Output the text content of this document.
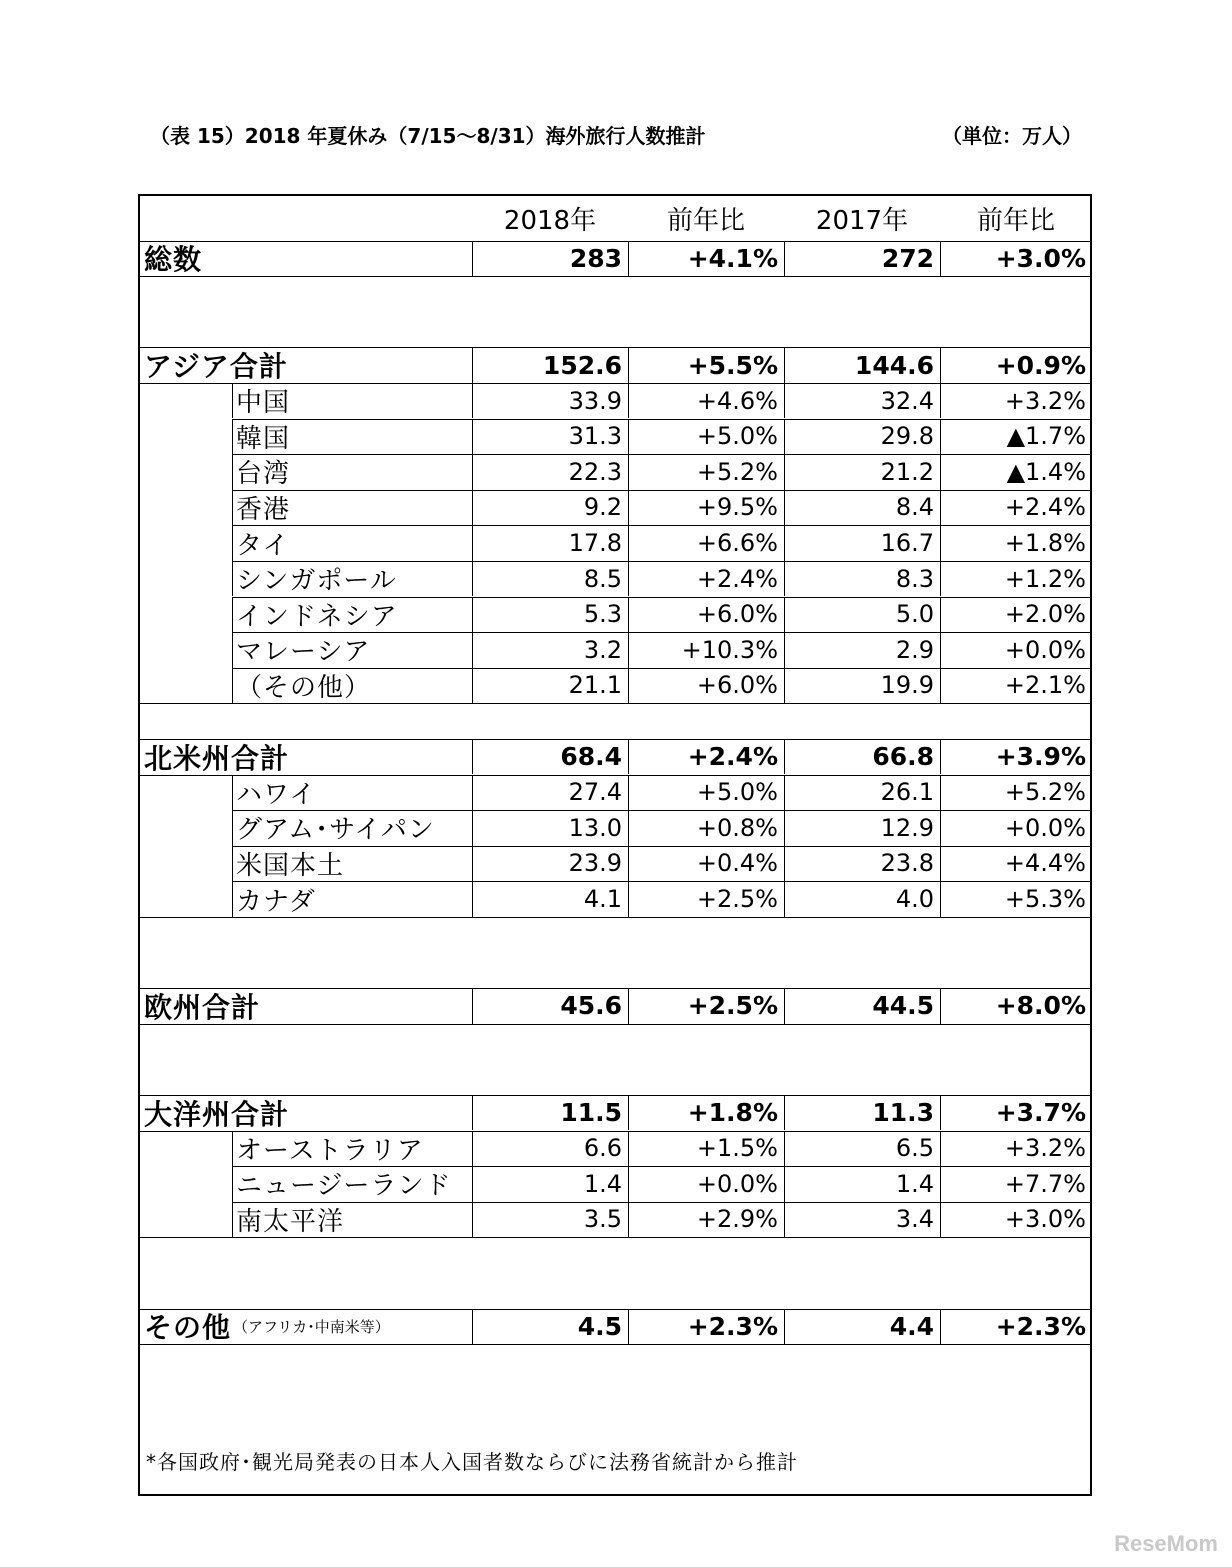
（表 15）2018 年夏休み（7/15～8/31）海外旅行人数推計	（単位：万人）
2018年	前年比	2017年	前年比
総数	283	+4.1%	272	+3.0%
アジア合計	152.6	+5.5%	144.6	+0.9%
中国	33.9	+4.6%	32.4	+3.2%
韓国	31.3	+5.0%	29.8	▲1.7%
台湾	22.3	+5.2%	21.2	▲1.4%
香港	9.2	+9.5%	8.4	+2.4%
タイ	17.8	+6.6%	16.7	+1.8%
シンガポール	8.5	+2.4%	8.3	+1.2%
インドネシア	5.3	+6.0%	5.0	+2.0%
マレーシア	3.2	+10.3%	2.9	+0.0%
（その他）	21.1	+6.0%	19.9	+2.1%
北米州合計	68.4	+2.4%	66.8	+3.9%
ハワイ	27.4	+5.0%	26.1	+5.2%
グアム･サイパン	13.0	+0.8%	12.9	+0.0%
米国本土	23.9	+0.4%	23.8	+4.4%
カナダ	4.1	+2.5%	4.0	+5.3%
欧州合計	45.6	+2.5%	44.5	+8.0%
大洋州合計	11.5	+1.8%	11.3	+3.7%
オーストラリア	6.6	+1.5%	6.5	+3.2%
ニュージーランド	1.4	+0.0%	1.4	+7.7%
南太平洋	3.5	+2.9%	3.4	+3.0%
その他 （アフリカ･中南米等）	4.5	+2.3%	4.4	+2.3%
*各国政府･観光局発表の日本人入国者数ならびに法務省統計から推計
ReseMom
